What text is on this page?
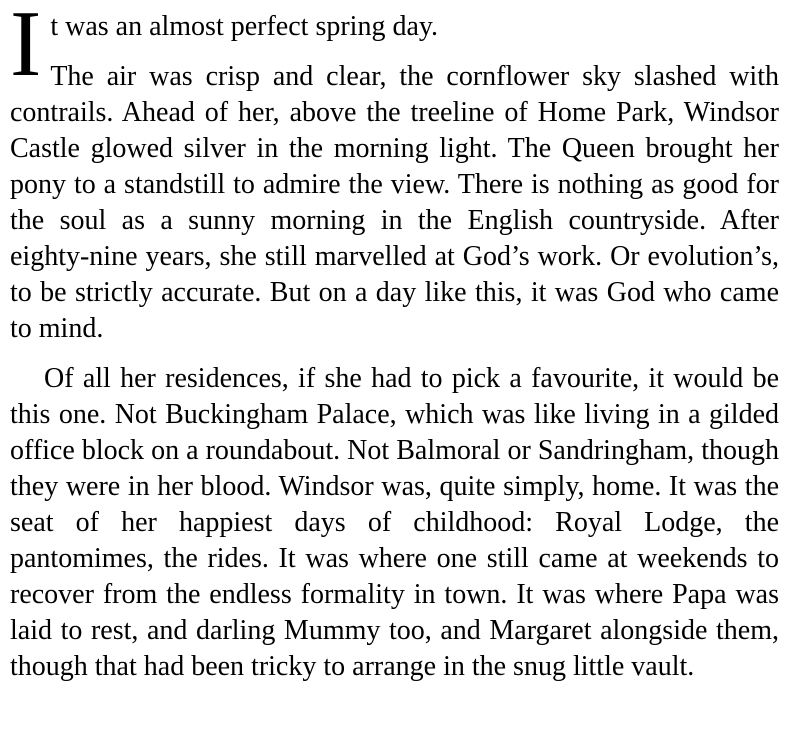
It was an almost perfect spring day.

The air was crisp and clear, the cornflower sky slashed with contrails. Ahead of her, above the treeline of Home Park, Windsor Castle glowed silver in the morning light. The Queen brought her pony to a standstill to admire the view. There is nothing as good for the soul as a sunny morning in the English countryside. After eighty-nine years, she still marvelled at God’s work. Or evolution’s, to be strictly accurate. But on a day like this, it was God who came to mind.

Of all her residences, if she had to pick a favourite, it would be this one. Not Buckingham Palace, which was like living in a gilded office block on a roundabout. Not Balmoral or Sandringham, though they were in her blood. Windsor was, quite simply, home. It was the seat of her happiest days of childhood: Royal Lodge, the pantomimes, the rides. It was where one still came at weekends to recover from the endless formality in town. It was where Papa was laid to rest, and darling Mummy too, and Margaret alongside them, though that had been tricky to arrange in the snug little vault.
